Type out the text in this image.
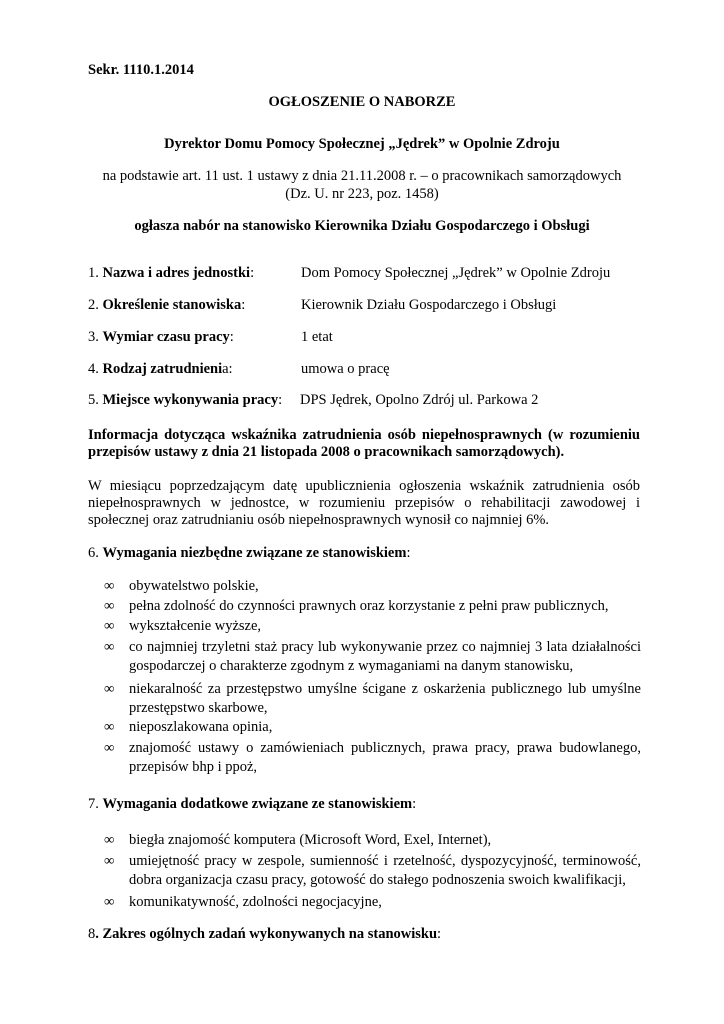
Sekr. 1110.1.2014
OGŁOSZENIE O NABORZE
Dyrektor Domu Pomocy Społecznej „Jędrek” w Opolnie Zdroju
na podstawie art. 11 ust. 1 ustawy z dnia 21.11.2008 r. – o pracownikach samorządowych
(Dz. U. nr 223, poz. 1458)
ogłasza nabór na stanowisko Kierownika Działu Gospodarczego i Obsługi
1. Nazwa i adres jednostki:	Dom Pomocy Społecznej „Jędrek” w Opolnie Zdroju
2. Określenie stanowiska:	Kierownik Działu Gospodarczego i Obsługi
3. Wymiar czasu pracy:	1 etat
4. Rodzaj zatrudnienia:	umowa o pracę
5. Miejsce wykonywania pracy: DPS Jędrek, Opolno Zdrój ul. Parkowa 2
Informacja dotycząca wskaźnika zatrudnienia osób niepełnosprawnych (w rozumieniu przepisów ustawy z dnia 21 listopada 2008 o pracownikach samorządowych).
W miesiącu poprzedzającym datę upublicznienia ogłoszenia wskaźnik zatrudnienia osób niepełnosprawnych w jednostce, w rozumieniu przepisów o rehabilitacji zawodowej i społecznej oraz zatrudnianiu osób niepełnosprawnych wynosił co najmniej 6%.
6. Wymagania niezbędne związane ze stanowiskiem:
∞	obywatelstwo polskie,
∞	pełna zdolność do czynności prawnych oraz korzystanie z pełni praw publicznych,
∞	wykształcenie wyższe,
∞	co najmniej trzyletni staż pracy lub wykonywanie przez co najmniej 3 lata działalności
gospodarczej o charakterze zgodnym z wymaganiami na danym stanowisku,
∞	niekaralność za przestępstwo umyślne ścigane z oskarżenia publicznego lub umyślne
przestępstwo skarbowe,
∞	nieposzlakowana opinia,
∞	znajomość ustawy o zamówieniach publicznych, prawa pracy, prawa budowlanego,
przepisów bhp i ppoż,
7. Wymagania dodatkowe związane ze stanowiskiem:
∞	biegła znajomość komputera (Microsoft Word, Exel, Internet),
∞	umiejętność pracy w zespole, sumienność i rzetelność, dyspozycyjność, terminowość,
dobra organizacja czasu pracy, gotowość do stałego podnoszenia swoich kwalifikacji,
∞	komunikatywność, zdolności negocjacyjne,
8. Zakres ogólnych zadań wykonywanych na stanowisku:
